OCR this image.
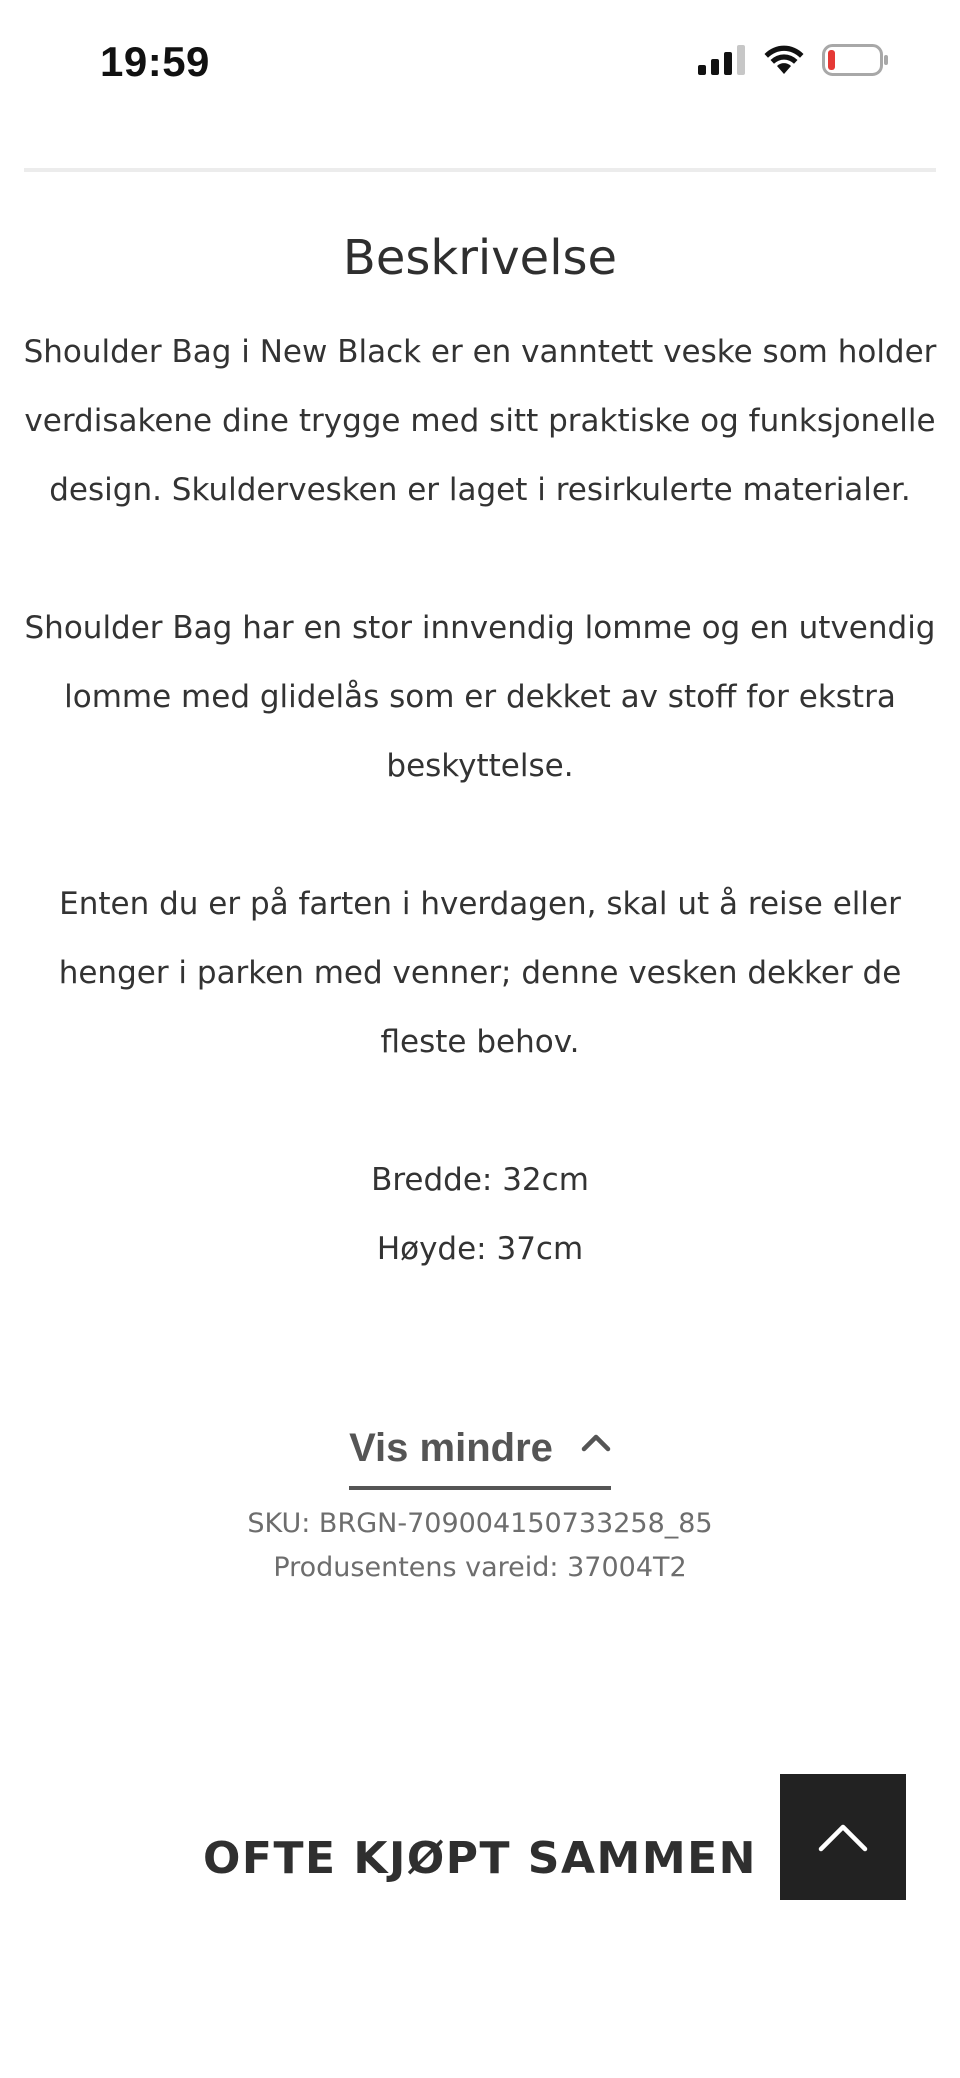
19:59
Beskrivelse

Shoulder Bag i New Black er en vanntett veske som holder verdisakene dine trygge med sitt praktiske og funksjonelle design. Skuldervesken er laget i resirkulerte materialer.

Shoulder Bag har en stor innvendig lomme og en utvendig lomme med glidelås som er dekket av stoff for ekstra beskyttelse.

Enten du er på farten i hverdagen, skal ut å reise eller henger i parken med venner; denne vesken dekker de fleste behov.

Bredde: 32cm

Høyde: 37cm

Vis mindre
SKU: BRGN-709004150733258_85
Produsentens vareid: 37004T2
OFTE KJØPT SAMMEN
